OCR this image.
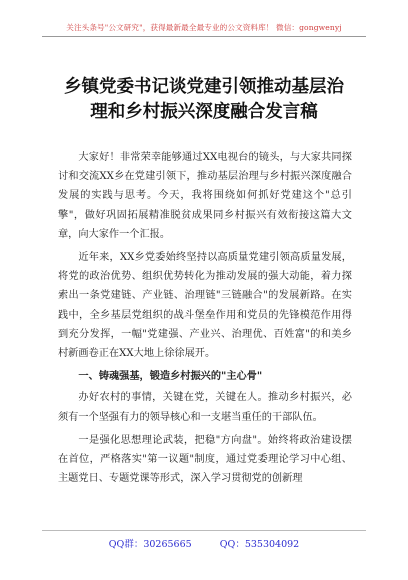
关注头条号"公文研究"，获得最新最全最专业的公文资料库！ 微信：gongwenyj
乡镇党委书记谈党建引领推动基层治
理和乡村振兴深度融合发言稿

大家好！非常荣幸能够通过XX电视台的镜头，与大家共同探讨和交流XX乡在党建引领下，推动基层治理与乡村振兴深度融合发展的实践与思考。今天，我将围绕如何抓好党建这个"总引擎"，做好巩固拓展精准脱贫成果同乡村振兴有效衔接这篇大文章，向大家作一个汇报。

近年来，XX乡党委始终坚持以高质量党建引领高质量发展，将党的政治优势、组织优势转化为推动发展的强大动能，着力探索出一条党建链、产业链、治理链"三链融合"的发展新路。在实践中，全乡基层党组织的战斗堡垒作用和党员的先锋模范作用得到充分发挥，一幅"党建强、产业兴、治理优、百姓富"的和美乡村新画卷正在XX大地上徐徐展开。

一、铸魂强基，锻造乡村振兴的"主心骨"

办好农村的事情，关键在党，关键在人。推动乡村振兴，必须有一个坚强有力的领导核心和一支堪当重任的干部队伍。

一是强化思想理论武装，把稳"方向盘"。始终将政治建设摆在首位，严格落实"第一议题"制度，通过党委理论学习中心组、主题党日、专题党课等形式，深入学习贯彻党的创新理

QQ群：30265665	QQ：535304092
